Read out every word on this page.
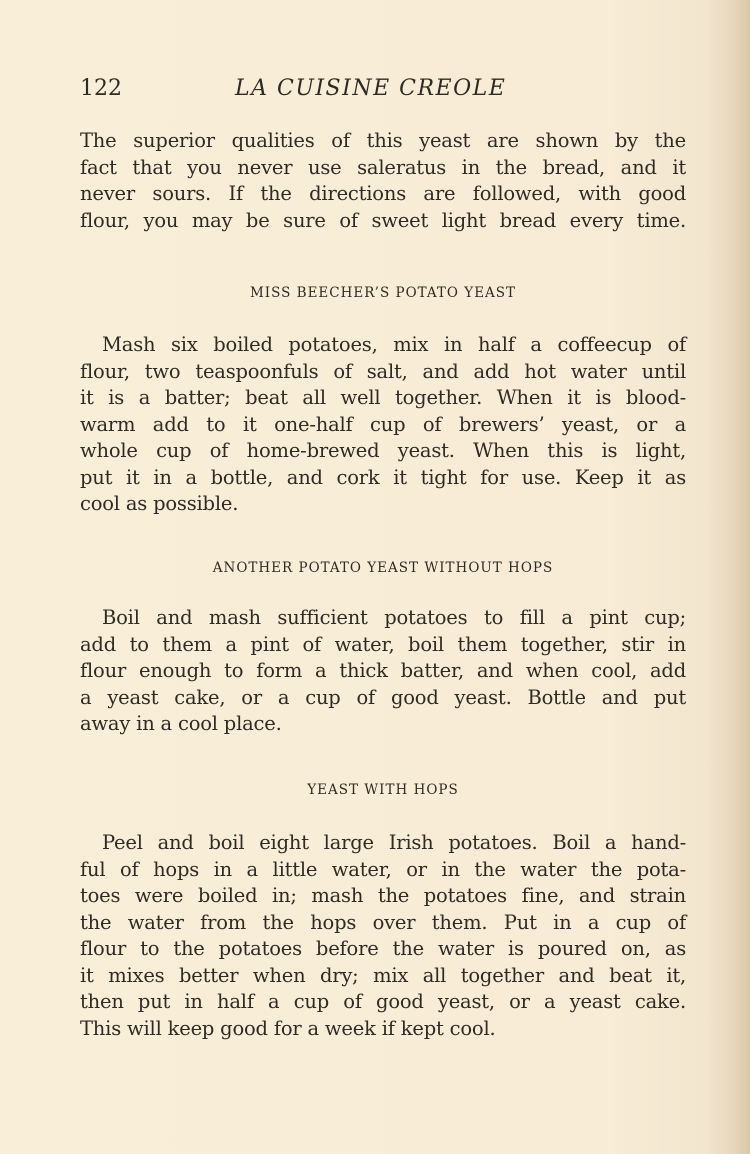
122	LA CUISINE CREOLE
The superior qualities of this yeast are shown by the
fact that you never use saleratus in the bread, and it
never sours. If the directions are followed, with good
flour, you may be sure of sweet light bread every time.
MISS BEECHER’S POTATO YEAST
Mash six boiled potatoes, mix in half a coffeecup of
flour, two teaspoonfuls of salt, and add hot water until
it is a batter; beat all well together. When it is blood-
warm add to it one-half cup of brewers’ yeast, or a
whole cup of home-brewed yeast. When this is light,
put it in a bottle, and cork it tight for use. Keep it as
cool as possible.
ANOTHER POTATO YEAST WITHOUT HOPS
Boil and mash sufficient potatoes to fill a pint cup;
add to them a pint of water, boil them together, stir in
flour enough to form a thick batter, and when cool, add
a yeast cake, or a cup of good yeast. Bottle and put
away in a cool place.
YEAST WITH HOPS
Peel and boil eight large Irish potatoes. Boil a hand-
ful of hops in a little water, or in the water the pota-
toes were boiled in; mash the potatoes fine, and strain
the water from the hops over them. Put in a cup of
flour to the potatoes before the water is poured on, as
it mixes better when dry; mix all together and beat it,
then put in half a cup of good yeast, or a yeast cake.
This will keep good for a week if kept cool.
